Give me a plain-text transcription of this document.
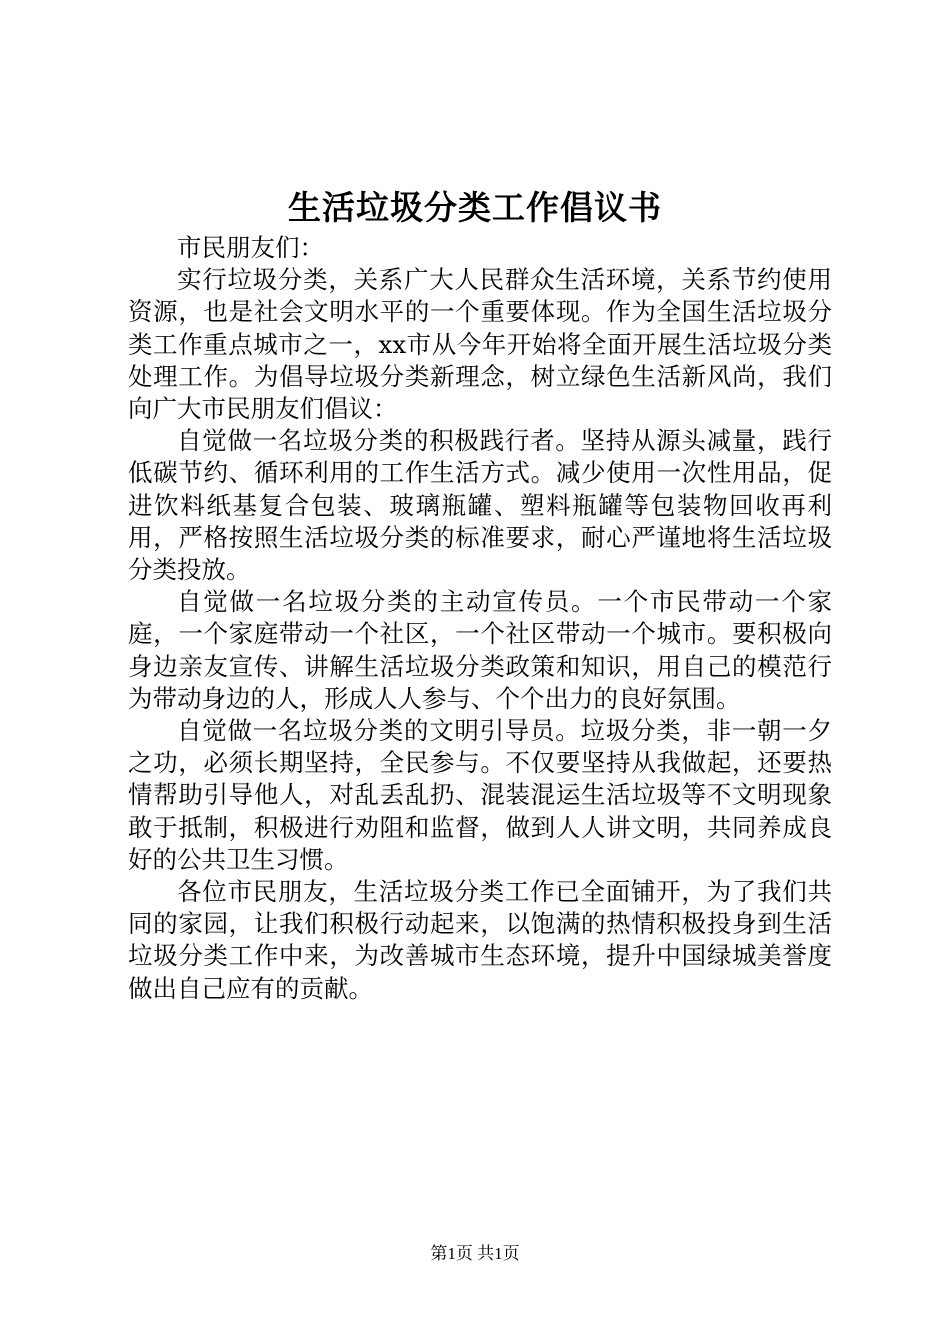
生活垃圾分类工作倡议书

市民朋友们：

实行垃圾分类，关系广大人民群众生活环境，关系节约使用资源，也是社会文明水平的一个重要体现。作为全国生活垃圾分类工作重点城市之一，xx市从今年开始将全面开展生活垃圾分类处理工作。为倡导垃圾分类新理念，树立绿色生活新风尚，我们向广大市民朋友们倡议：

自觉做一名垃圾分类的积极践行者。坚持从源头减量，践行低碳节约、循环利用的工作生活方式。减少使用一次性用品，促进饮料纸基复合包装、玻璃瓶罐、塑料瓶罐等包装物回收再利用，严格按照生活垃圾分类的标准要求，耐心严谨地将生活垃圾分类投放。

自觉做一名垃圾分类的主动宣传员。一个市民带动一个家庭，一个家庭带动一个社区，一个社区带动一个城市。要积极向身边亲友宣传、讲解生活垃圾分类政策和知识，用自己的模范行为带动身边的人，形成人人参与、个个出力的良好氛围。

自觉做一名垃圾分类的文明引导员。垃圾分类，非一朝一夕之功，必须长期坚持，全民参与。不仅要坚持从我做起，还要热情帮助引导他人，对乱丢乱扔、混装混运生活垃圾等不文明现象敢于抵制，积极进行劝阻和监督，做到人人讲文明，共同养成良好的公共卫生习惯。

各位市民朋友，生活垃圾分类工作已全面铺开，为了我们共同的家园，让我们积极行动起来，以饱满的热情积极投身到生活垃圾分类工作中来，为改善城市生态环境，提升中国绿城美誉度做出自己应有的贡献。

第1页 共1页
